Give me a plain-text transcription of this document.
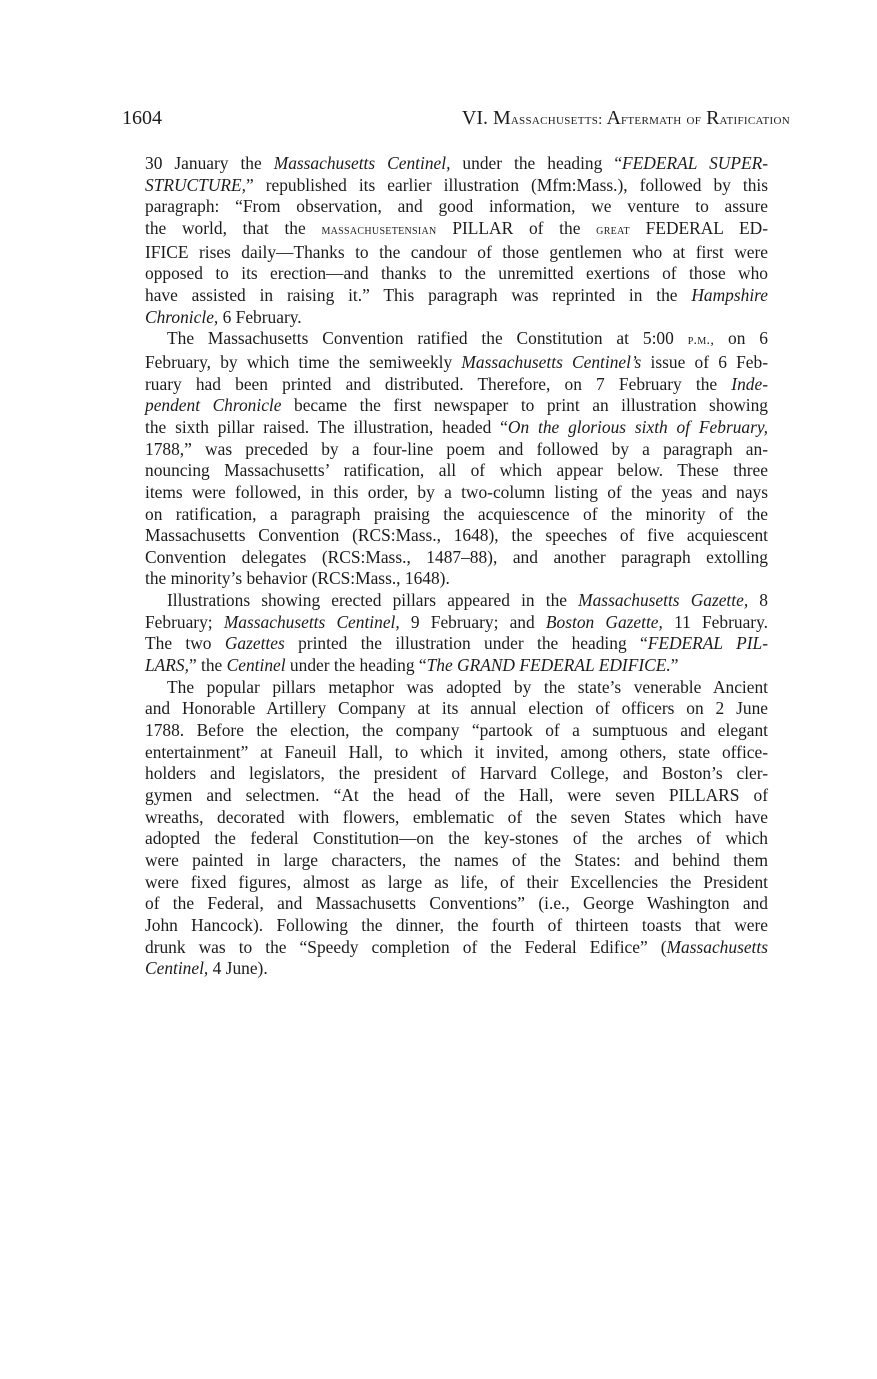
1604	VI. Massachusetts: Aftermath of Ratification

30 January the Massachusetts Centinel, under the heading “FEDERAL SUPER-
STRUCTURE,” republished its earlier illustration (Mfm:Mass.), followed by this
paragraph: “From observation, and good information, we venture to assure
the world, that the massachusetensian PILLAR of the great FEDERAL ED-
IFICE rises daily—Thanks to the candour of those gentlemen who at first were
opposed to its erection—and thanks to the unremitted exertions of those who
have assisted in raising it.” This paragraph was reprinted in the Hampshire
Chronicle, 6 February.

The Massachusetts Convention ratified the Constitution at 5:00 p.m., on 6
February, by which time the semiweekly Massachusetts Centinel’s issue of 6 Feb-
ruary had been printed and distributed. Therefore, on 7 February the Inde-
pendent Chronicle became the first newspaper to print an illustration showing
the sixth pillar raised. The illustration, headed “On the glorious sixth of February,
1788,” was preceded by a four-line poem and followed by a paragraph an-
nouncing Massachusetts’ ratification, all of which appear below. These three
items were followed, in this order, by a two-column listing of the yeas and nays
on ratification, a paragraph praising the acquiescence of the minority of the
Massachusetts Convention (RCS:Mass., 1648), the speeches of five acquiescent
Convention delegates (RCS:Mass., 1487–88), and another paragraph extolling
the minority’s behavior (RCS:Mass., 1648).

Illustrations showing erected pillars appeared in the Massachusetts Gazette, 8
February; Massachusetts Centinel, 9 February; and Boston Gazette, 11 February.
The two Gazettes printed the illustration under the heading “FEDERAL PIL-
LARS,” the Centinel under the heading “The GRAND FEDERAL EDIFICE.”

The popular pillars metaphor was adopted by the state’s venerable Ancient
and Honorable Artillery Company at its annual election of officers on 2 June
1788. Before the election, the company “partook of a sumptuous and elegant
entertainment” at Faneuil Hall, to which it invited, among others, state office-
holders and legislators, the president of Harvard College, and Boston’s cler-
gymen and selectmen. “At the head of the Hall, were seven PILLARS of
wreaths, decorated with flowers, emblematic of the seven States which have
adopted the federal Constitution—on the key-stones of the arches of which
were painted in large characters, the names of the States: and behind them
were fixed figures, almost as large as life, of their Excellencies the President
of the Federal, and Massachusetts Conventions” (i.e., George Washington and
John Hancock). Following the dinner, the fourth of thirteen toasts that were
drunk was to the “Speedy completion of the Federal Edifice” (Massachusetts
Centinel, 4 June).
